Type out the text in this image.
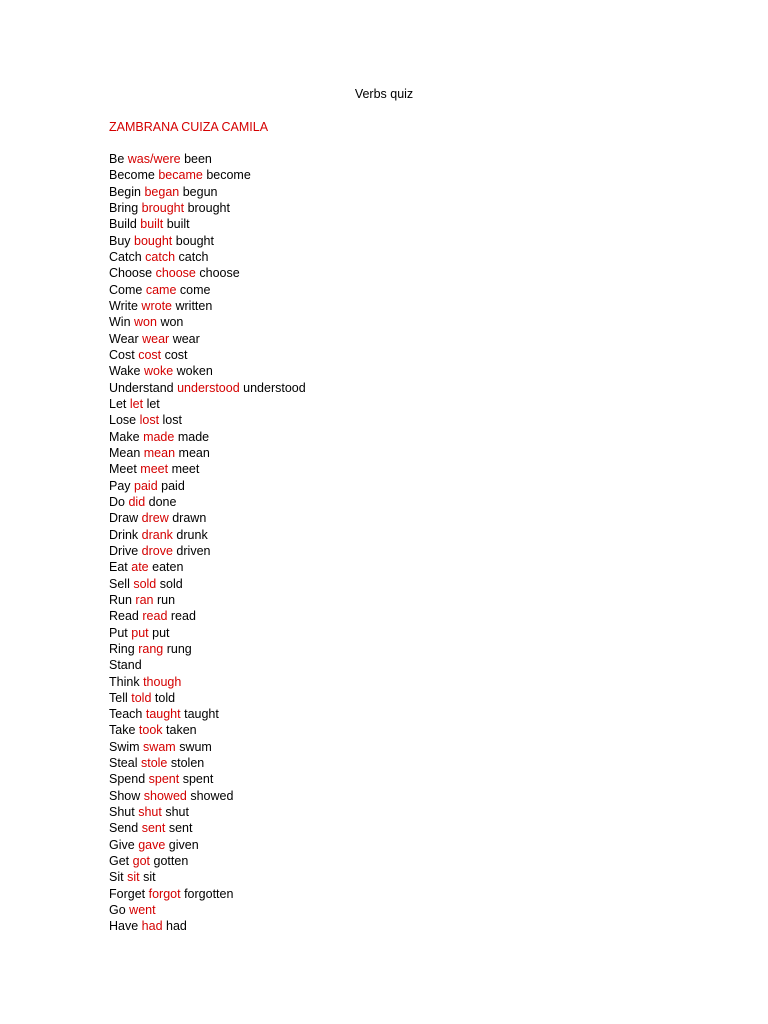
Verbs quiz
ZAMBRANA CUIZA CAMILA
Be was/were been
Become became become
Begin began begun
Bring brought brought
Build built built
Buy bought bought
Catch catch catch
Choose choose choose
Come came come
Write wrote written
Win won won
Wear wear wear
Cost cost cost
Wake woke woken
Understand understood understood
Let let let
Lose lost lost
Make made made
Mean mean mean
Meet meet meet
Pay paid paid
Do did done
Draw drew drawn
Drink drank drunk
Drive drove driven
Eat ate eaten
Sell sold sold
Run ran run
Read read read
Put put put
Ring rang rung
Stand
Think though
Tell told told
Teach taught taught
Take took taken
Swim swam swum
Steal stole stolen
Spend spent spent
Show showed showed
Shut shut shut
Send sent sent
Give gave given
Get got gotten
Sit sit sit
Forget forgot forgotten
Go went
Have had had
